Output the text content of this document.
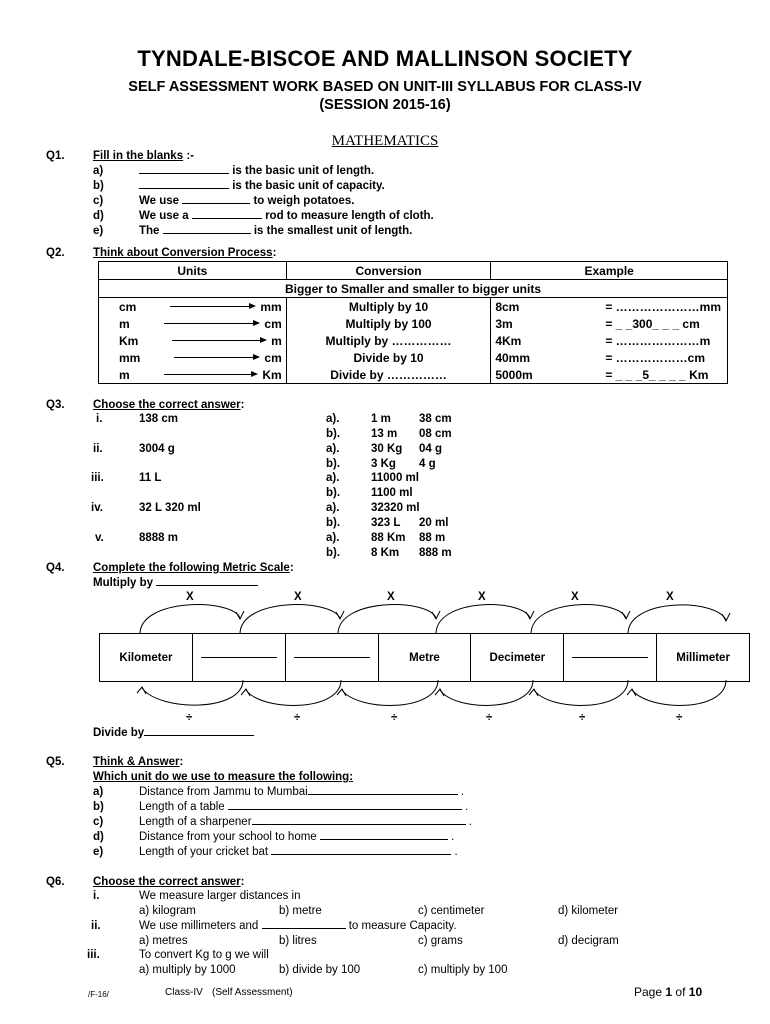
TYNDALE-BISCOE AND MALLINSON SOCIETY
SELF ASSESSMENT WORK BASED ON UNIT-III SYLLABUS FOR CLASS-IV
(SESSION 2015-16)
MATHEMATICS
Q1. Fill in the blanks :-
a)	is the basic unit of length.
b)	is the basic unit of capacity.
c)	We use	to weigh potatoes.
d)	We use a	rod to measure length of cloth.
e)	The	is the smallest unit of length.
Q2. Think about Conversion Process:
Units	Conversion	Example
Bigger to Smaller and smaller to bigger units		

cm mm	Multiply by 10	8cm = …………………mm

m cm	Multiply by 100	3m = _ _300_ _ _ cm

Km m	Multiply by ……………	4Km = …………………m

mm cm	Divide by 10	40mm = ………………cm

m Km	Divide by ……………	5000m = _ _ _5_ _ _ _ Km
Q3. Choose the correct answer:
i.	138 cm	a).	1 m 38 cm
b).	13 m 08 cm
ii.	3004 g	a).	30 Kg 04 g
b).	3 Kg 4 g
iii.	11 L	a).	11000 ml
b).	1100 ml
iv.	32 L 320 ml	a).	32320 ml
b).	323 L 20 ml
v.	8888 m	a).	88 Km 88 m
b).	8 Km 888 m
Q4. Complete the following Metric Scale:
Multiply by
X	X	X	X	X	X
Kilometer	Metre	Decimeter	Millimeter
÷	÷	÷	÷	÷	÷
Divide by
Q5. Think & Answer:
Which unit do we use to measure the following:
a)	Distance from Jammu to Mumbai	.
b)	Length of a table	.
c)	Length of a sharpener	.
d)	Distance from your school to home	.
e)	Length of your cricket bat	.
Q6. Choose the correct answer:
i.	We measure larger distances in
a) kilogram	b) metre	c) centimeter	d) kilometer
ii.	We use millimeters and	to measure Capacity.
a) metres	b) litres	c) grams	d) decigram
iii.	To convert Kg to g we will
a) multiply by 1000	b) divide by 100	c) multiply by 100
/F-16/	Class-IV (Self Assessment)	Page 1 of 10
